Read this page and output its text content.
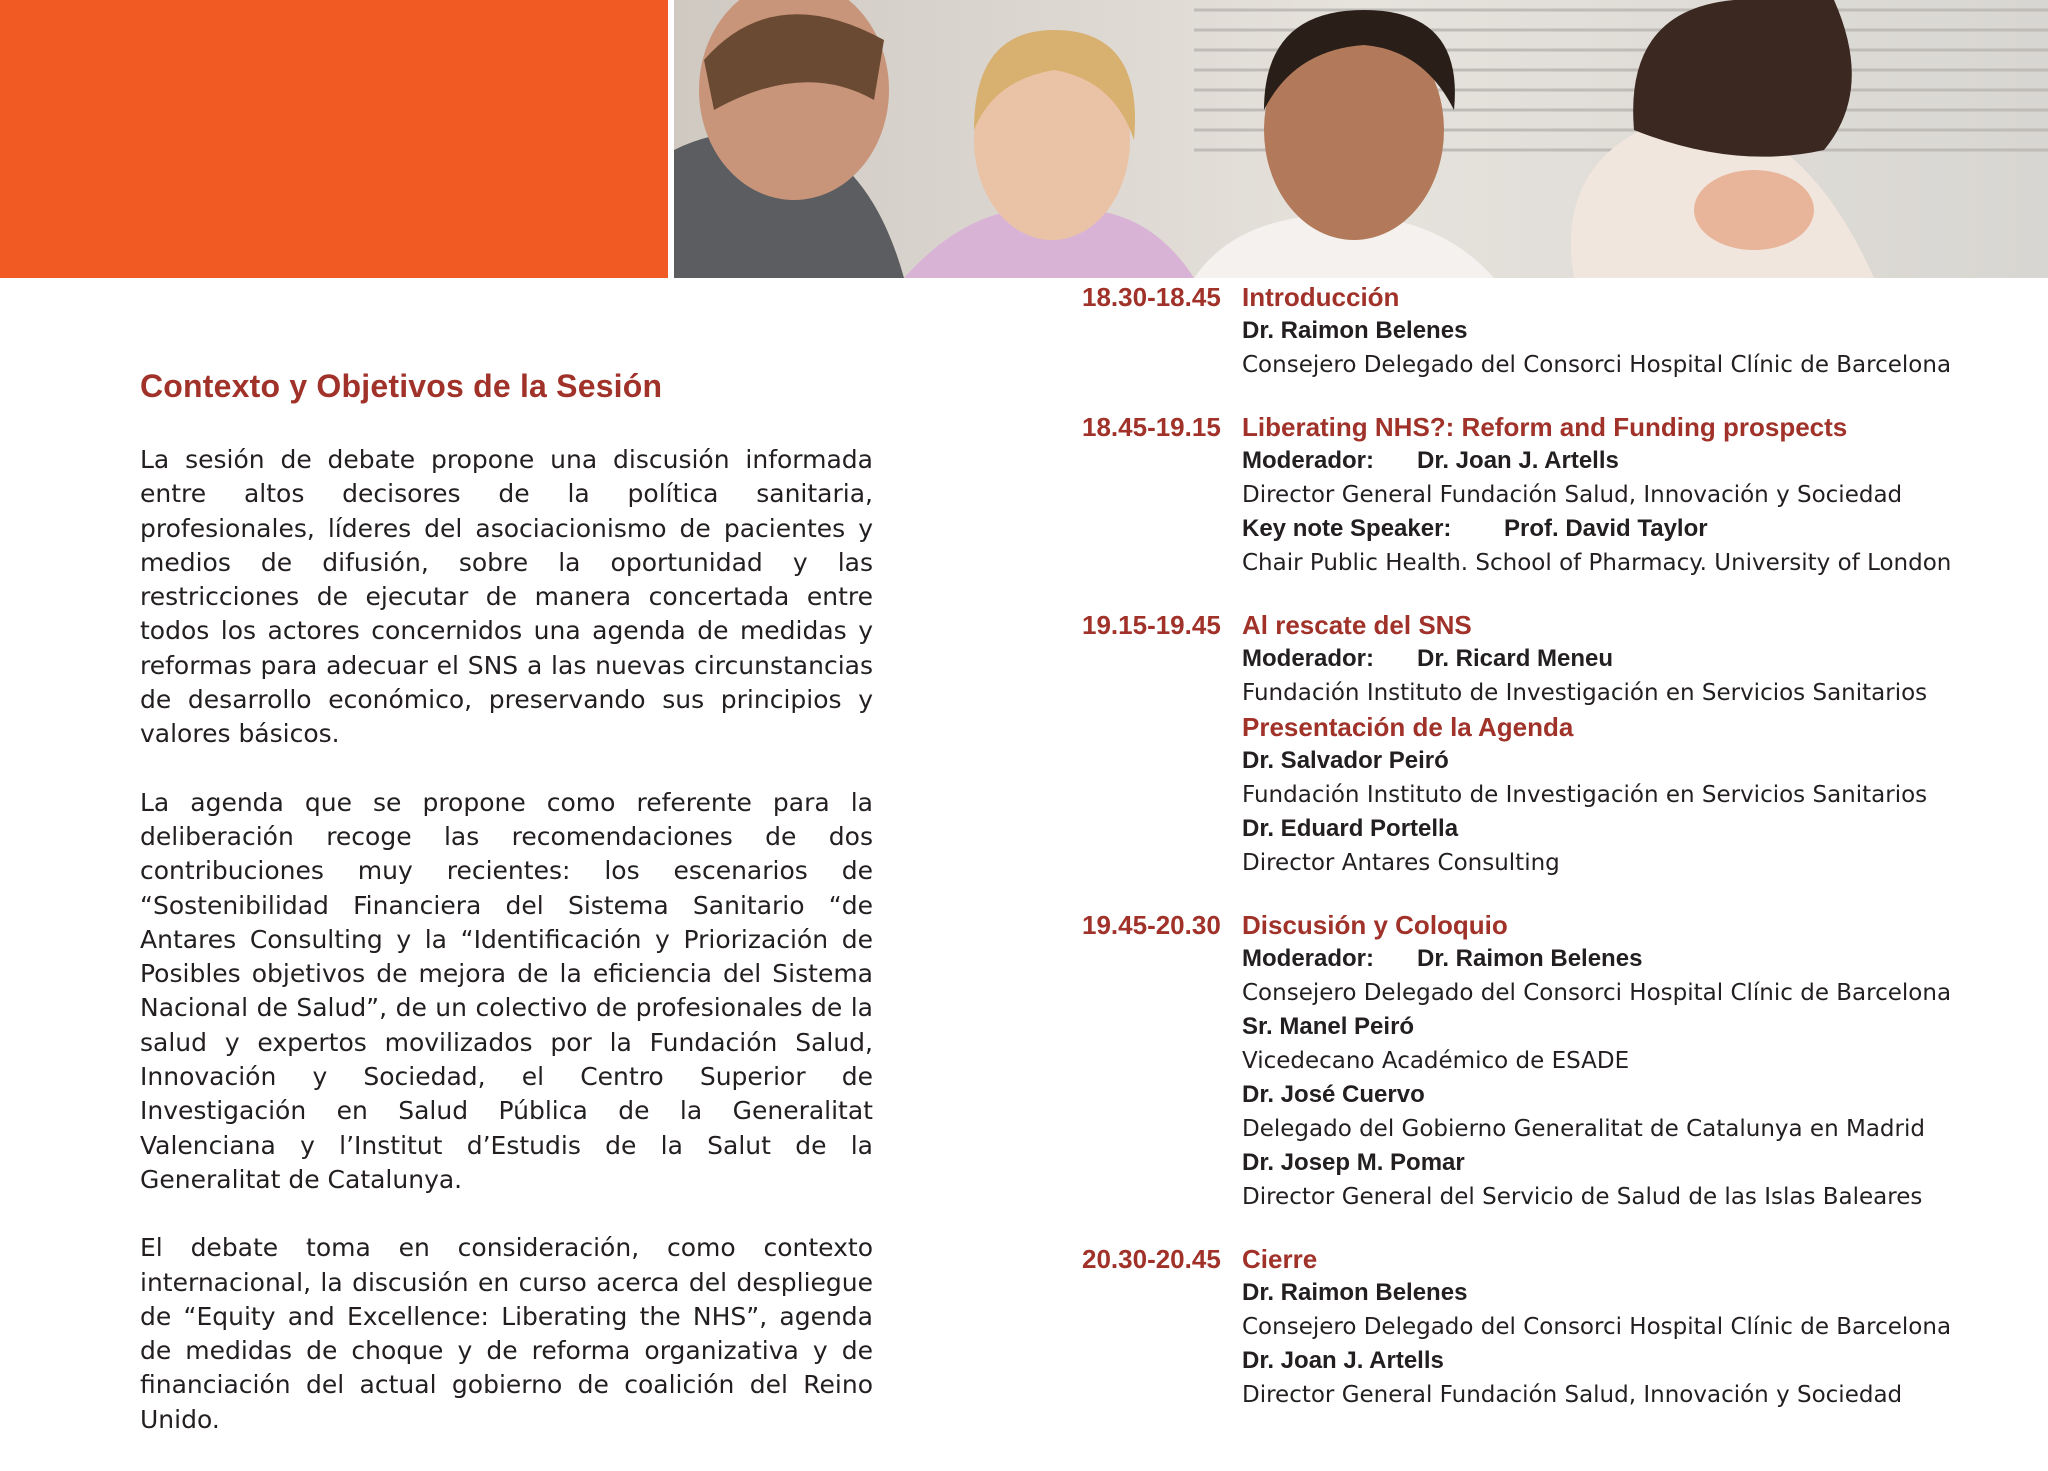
Contexto y Objetivos de la Sesión

La sesión de debate propone una discusión informada entre altos decisores de la política sanitaria, profesionales, líderes del asociacionismo de pacientes y medios de difusión, sobre la oportunidad y las restricciones de ejecutar de manera concertada entre todos los actores concernidos una agenda de medidas y reformas para adecuar el SNS a las nuevas circunstancias de desarrollo económico, preservando sus principios y valores básicos.

La agenda que se propone como referente para la deliberación recoge las recomendaciones de dos contribuciones muy recientes: los escenarios de “Sostenibilidad Financiera del Sistema Sanitario “de Antares Consulting y la “Identificación y Priorización de Posibles objetivos de mejora de la eficiencia del Sistema Nacional de Salud”, de un colectivo de profesionales de la salud y expertos movilizados por la Fundación Salud, Innovación y Sociedad, el Centro Superior de Investigación en Salud Pública de la Generalitat Valenciana y l’Institut d’Estudis de la Salut de la Generalitat de Catalunya.

El debate toma en consideración, como contexto internacional, la discusión en curso acerca del despliegue de “Equity and Excellence: Liberating the NHS”, agenda de medidas de choque y de reforma organizativa y de financiación del actual gobierno de coalición del Reino Unido.

18.30-18.45 Introducción
Dr. Raimon Belenes
Consejero Delegado del Consorci Hospital Clínic de Barcelona
18.45-19.15 Liberating NHS?: Reform and Funding prospects
Moderador: Dr. Joan J. Artells
Director General Fundación Salud, Innovación y Sociedad
Key note Speaker: Prof. David Taylor
Chair Public Health. School of Pharmacy. University of London
19.15-19.45 Al rescate del SNS
Moderador: Dr. Ricard Meneu
Fundación Instituto de Investigación en Servicios Sanitarios
Presentación de la Agenda
Dr. Salvador Peiró
Fundación Instituto de Investigación en Servicios Sanitarios
Dr. Eduard Portella
Director Antares Consulting
19.45-20.30 Discusión y Coloquio
Moderador: Dr. Raimon Belenes
Consejero Delegado del Consorci Hospital Clínic de Barcelona
Sr. Manel Peiró
Vicedecano Académico de ESADE
Dr. José Cuervo
Delegado del Gobierno Generalitat de Catalunya en Madrid
Dr. Josep M. Pomar
Director General del Servicio de Salud de las Islas Baleares
20.30-20.45 Cierre
Dr. Raimon Belenes
Consejero Delegado del Consorci Hospital Clínic de Barcelona
Dr. Joan J. Artells
Director General Fundación Salud, Innovación y Sociedad
